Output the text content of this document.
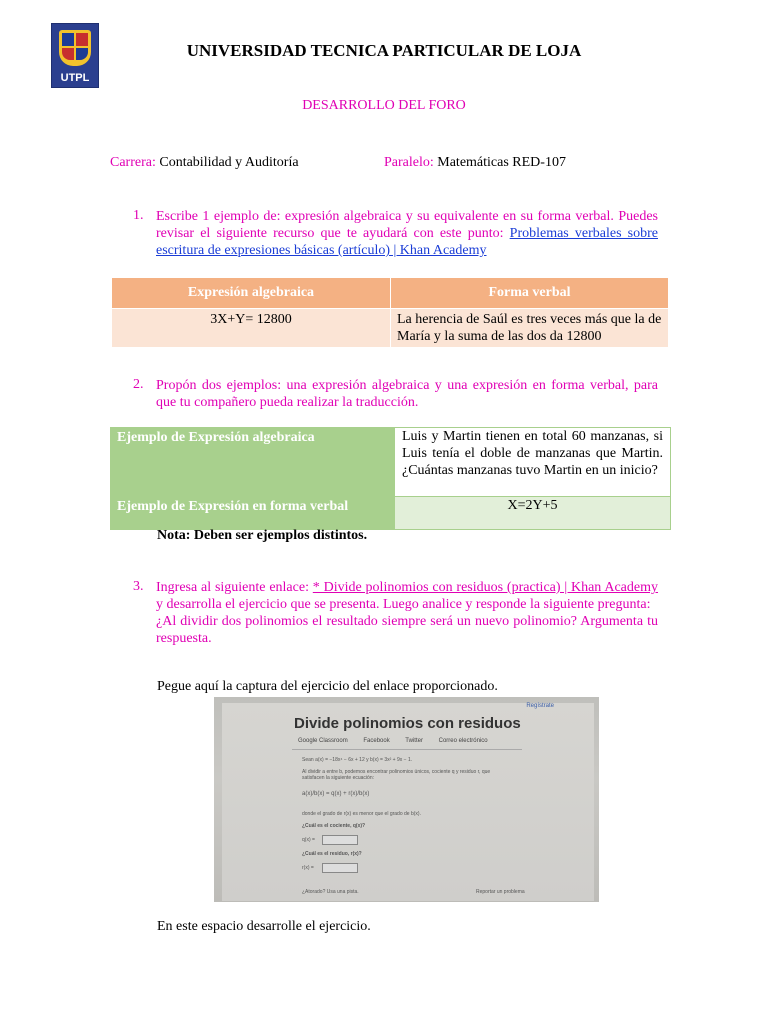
UTPL
UNIVERSIDAD TECNICA PARTICULAR DE LOJA
DESARROLLO DEL FORO
Carrera: Contabilidad y Auditoría	Paralelo: Matemáticas RED-107
1. Escribe 1 ejemplo de: expresión algebraica y su equivalente en su forma verbal. Puedes revisar el siguiente recurso que te ayudará con este punto: Problemas verbales sobre escritura de expresiones básicas (artículo) | Khan Academy
Expresión algebraica	Forma verbal
3X+Y= 12800	La herencia de Saúl es tres veces más que la de María y la suma de las dos da 12800
2. Propón dos ejemplos: una expresión algebraica y una expresión en forma verbal, para que tu compañero pueda realizar la traducción.
Ejemplo de Expresión algebraica	Luis y Martin tienen en total 60 manzanas, si Luis tenía el doble de manzanas que Martin. ¿Cuántas manzanas tuvo Martin en un inicio?
Ejemplo de Expresión en forma verbal	X=2Y+5
Nota: Deben ser ejemplos distintos.
3. Ingresa al siguiente enlace: * Divide polinomios con residuos (practica) | Khan Academy y desarrolla el ejercicio que se presenta. Luego analice y responde la siguiente pregunta:
¿Al dividir dos polinomios el resultado siempre será un nuevo polinomio? Argumenta tu respuesta.
Pegue aquí la captura del ejercicio del enlace proporcionado.
Regístrate
Divide polinomios con residuos
Google Classroom	Facebook	Twitter	Correo electrónico
Sean a(x) = −18x⁴ − 6x + 12 y b(x) = 3x² + 9x − 1.
Al dividir a entre b, podemos encontrar polinomios únicos, cociente q y residuo r, que satisfacen la siguiente ecuación:
a(x)/b(x) = q(x) + r(x)/b(x)
donde el grado de r(x) es menor que el grado de b(x).
¿Cuál es el cociente, q(x)?
q(x) =
¿Cuál es el residuo, r(x)?
r(x) =
¿Atorado? Usa una pista.	Reportar un problema
En este espacio desarrolle el ejercicio.
